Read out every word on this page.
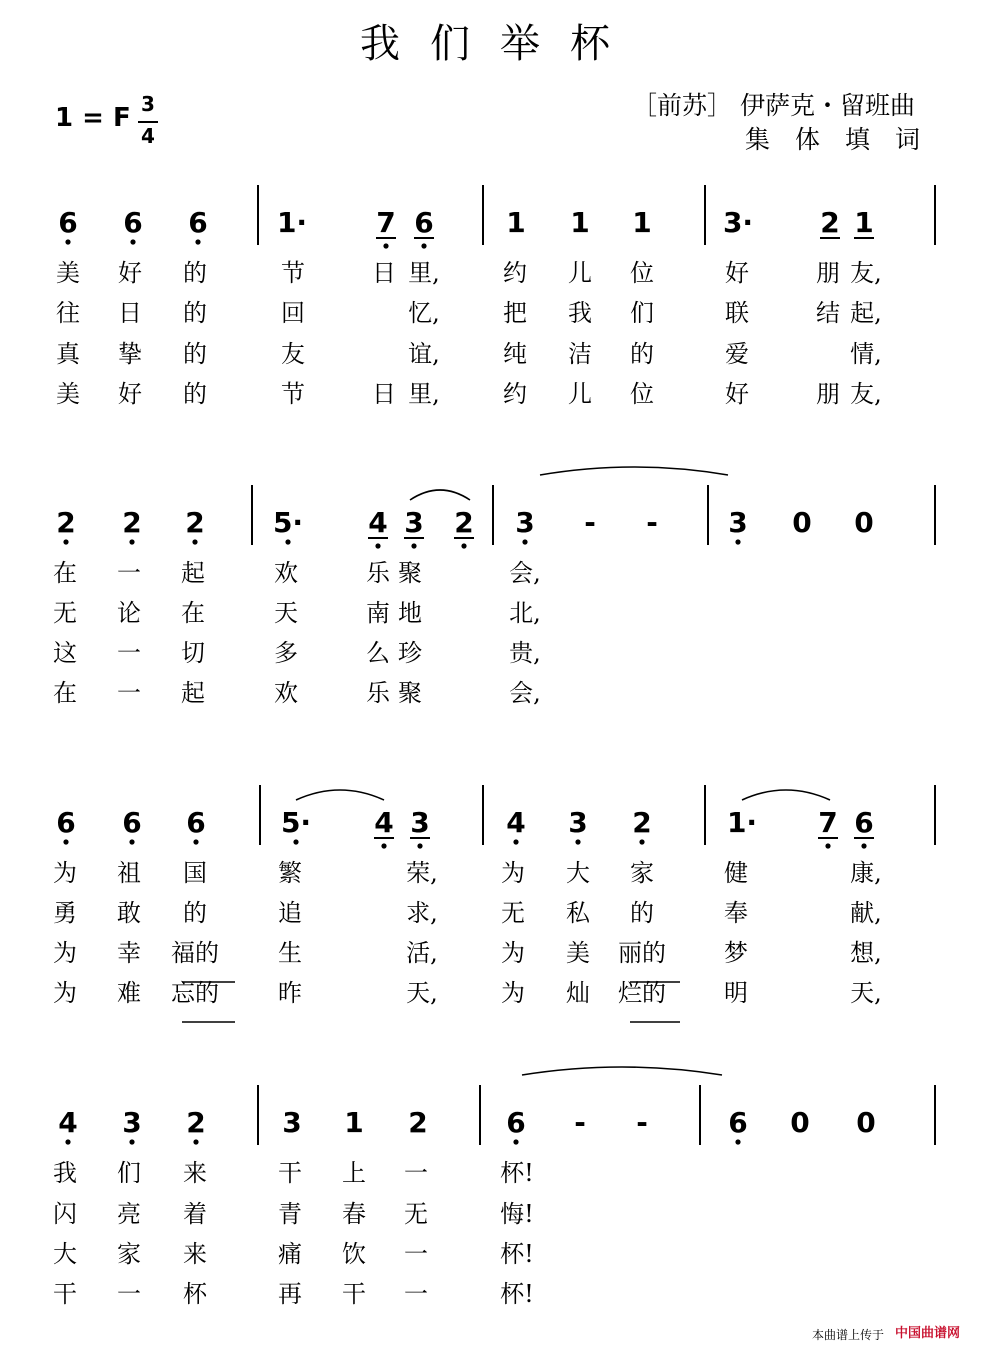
我们举杯
1 = F 3
4
［前苏］ 伊萨克・留班曲
集体填词
6 6 6 1· 7 6	1 1 1	3· 2 1
美 好 的	节	日 里,	约 儿 位	好	朋 友,
往 日 的	回	忆,	把 我 们	联	结 起,
真 挚 的	友	谊,	纯 洁 的	爱	情,
美 好 的	节	日 里,	约 儿 位	好	朋 友,
2 2 2 5· 4 3 2 3 - -	3 0 0
在 一 起	欢	乐 聚	会,
无 论 在	天	南 地	北,
这 一 切	多	么 珍	贵,
在 一 起	欢	乐 聚	会,
6 6 6	5· 4 3	4 3 2	1· 7 6
为 祖 国	繁	荣,	为 大 家	健	康,
勇 敢 的	追	求,	无 私 的	奉	献,
为 幸 福的 生	活,	为 美 丽的 梦	想,
为 难 忘的 昨	天,	为 灿 烂的 明	天,
4 3 2	3 1 2	6 - -	6 0 0
我 们 来	干 上 一	杯!
闪 亮 着	青 春 无	悔!
大 家 来	痛 饮 一	杯!
干 一 杯	再 干 一	杯!
本曲谱上传于 中国曲谱网
